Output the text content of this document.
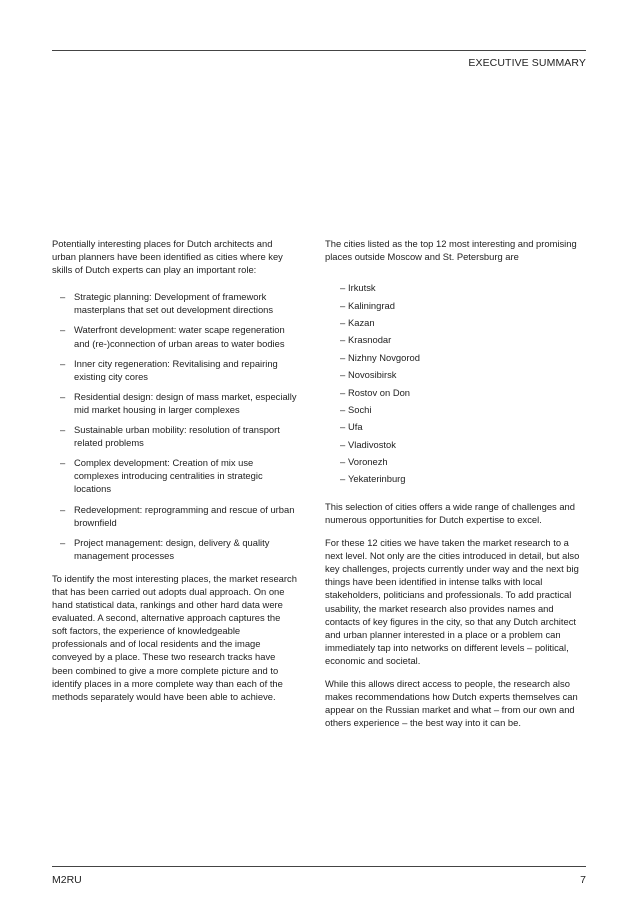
EXECUTIVE SUMMARY

Potentially interesting places for Dutch architects and urban planners have been identified as cities where key skills of Dutch experts can play an important role:

– Strategic planning: Development of framework masterplans that set out development directions
– Waterfront development: water scape regeneration and (re-)connection of urban areas to water bodies
– Inner city regeneration: Revitalising and repairing existing city cores
– Residential design: design of mass market, especially mid market housing in larger complexes
– Sustainable urban mobility: resolution of transport related problems
– Complex development: Creation of mix use complexes introducing centralities in strategic locations
– Redevelopment: reprogramming and rescue of urban brownfield
– Project management: design, delivery & quality management processes

To identify the most interesting places, the market research that has been carried out adopts dual approach. On one hand statistical data, rankings and other hard data were evaluated. A second, alternative approach captures the soft factors, the experience of knowledgeable professionals and of local residents and the image conveyed by a place. These two research tracks have been combined to give a more complete picture and to identify places in a more complete way than each of the methods separately would have been able to achieve.

The cities listed as the top 12 most interesting and promising places outside Moscow and St. Petersburg are

– Irkutsk
– Kaliningrad
– Kazan
– Krasnodar
– Nizhny Novgorod
– Novosibirsk
– Rostov on Don
– Sochi
– Ufa
– Vladivostok
– Voronezh
– Yekaterinburg

This selection of cities offers a wide range of challenges and numerous opportunities for Dutch expertise to excel.

For these 12 cities we have taken the market research to a next level. Not only are the cities introduced in detail, but also key challenges, projects currently under way and the next big things have been identified in intense talks with local stakeholders, politicians and professionals. To add practical usability, the market research also provides names and contacts of key figures in the city, so that any Dutch architect and urban planner interested in a place or a problem can immediately tap into networks on different levels – political, economic and societal.

While this allows direct access to people, the research also makes recommendations how Dutch experts themselves can appear on the Russian market and what – from our own and others experience – the best way into it can be.

M2RU	7
